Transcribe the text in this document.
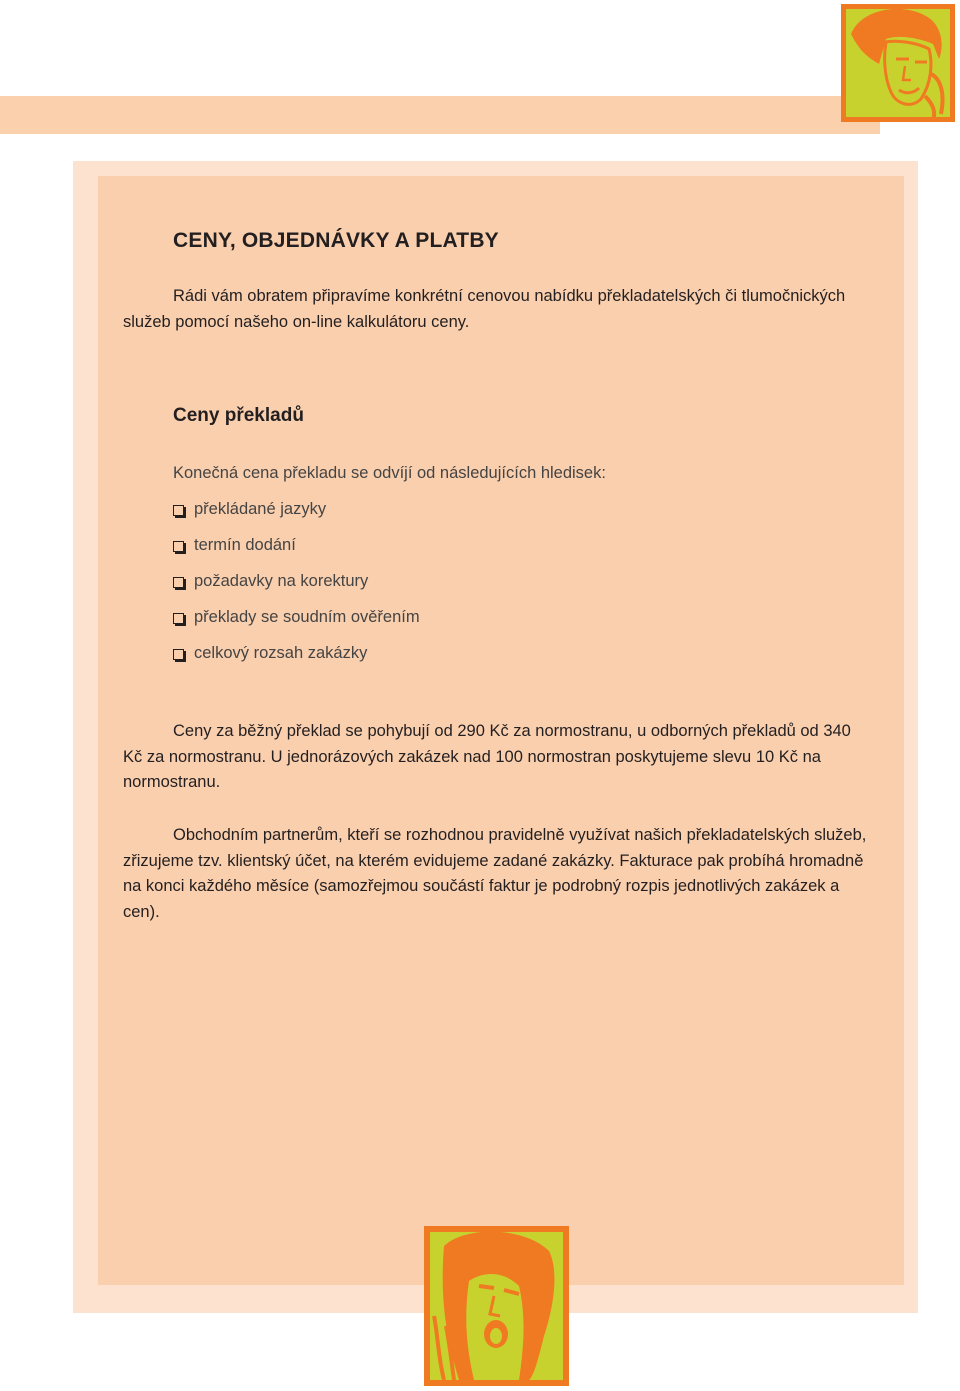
CENY, OBJEDNÁVKY A PLATBY

Rádi vám obratem připravíme konkrétní cenovou nabídku překladatelských či tlumočnických služeb pomocí našeho on-line kalkulátoru ceny.

Ceny překladů
Konečná cena překladu se odvíjí od následujících hledisek:
překládané jazyky
termín dodání
požadavky na korektury
překlady se soudním ověřením
celkový rozsah zakázky

Ceny za běžný překlad se pohybují od 290 Kč za normostranu, u odborných překladů od 340 Kč za normostranu. U jednorázových zakázek nad 100 normostran poskytujeme slevu 10 Kč na normostranu.

Obchodním partnerům, kteří se rozhodnou pravidelně využívat našich překladatelských služeb, zřizujeme tzv. klientský účet, na kterém evidujeme zadané zakázky. Fakturace pak probíhá hromadně na konci každého měsíce (samozřejmou součástí faktur je podrobný rozpis jednotlivých zakázek a cen).
